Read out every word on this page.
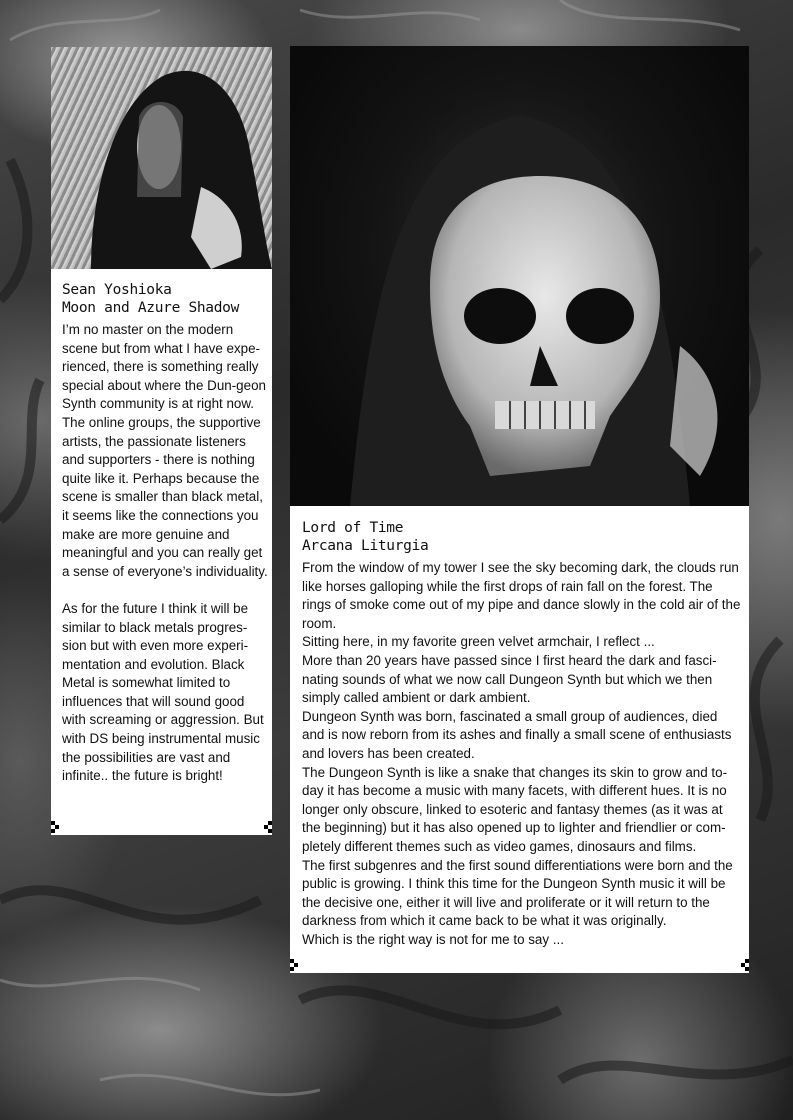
Sean Yoshioka
Moon and Azure Shadow

I’m no master on the modern scene but from what I have expe-rienced, there is something really special about where the Dun-geon Synth community is at right now. The online groups, the supportive artists, the passionate listeners and supporters - there is nothing quite like it. Perhaps because the scene is smaller than black metal, it seems like the connections you make are more genuine and meaningful and you can really get a sense of everyone’s individuality.

As for the future I think it will be similar to black metals progres-sion but with even more experi-mentation and evolution. Black Metal is somewhat limited to influences that will sound good with screaming or aggression. But with DS being instrumental music the possibilities are vast and infinite.. the future is bright!

Lord of Time
Arcana Liturgia

From the window of my tower I see the sky becoming dark, the clouds run like horses galloping while the first drops of rain fall on the forest. The rings of smoke come out of my pipe and dance slowly in the cold air of the room.

Sitting here, in my favorite green velvet armchair, I reflect ...

More than 20 years have passed since I first heard the dark and fasci-nating sounds of what we now call Dungeon Synth but which we then simply called ambient or dark ambient.

Dungeon Synth was born, fascinated a small group of audiences, died and is now reborn from its ashes and finally a small scene of enthusiasts and lovers has been created.

The Dungeon Synth is like a snake that changes its skin to grow and to-day it has become a music with many facets, with different hues. It is no longer only obscure, linked to esoteric and fantasy themes (as it was at the beginning) but it has also opened up to lighter and friendlier or com-pletely different themes such as video games, dinosaurs and films.

The first subgenres and the first sound differentiations were born and the public is growing. I think this time for the Dungeon Synth music it will be the decisive one, either it will live and proliferate or it will return to the darkness from which it came back to be what it was originally.

Which is the right way is not for me to say ...
